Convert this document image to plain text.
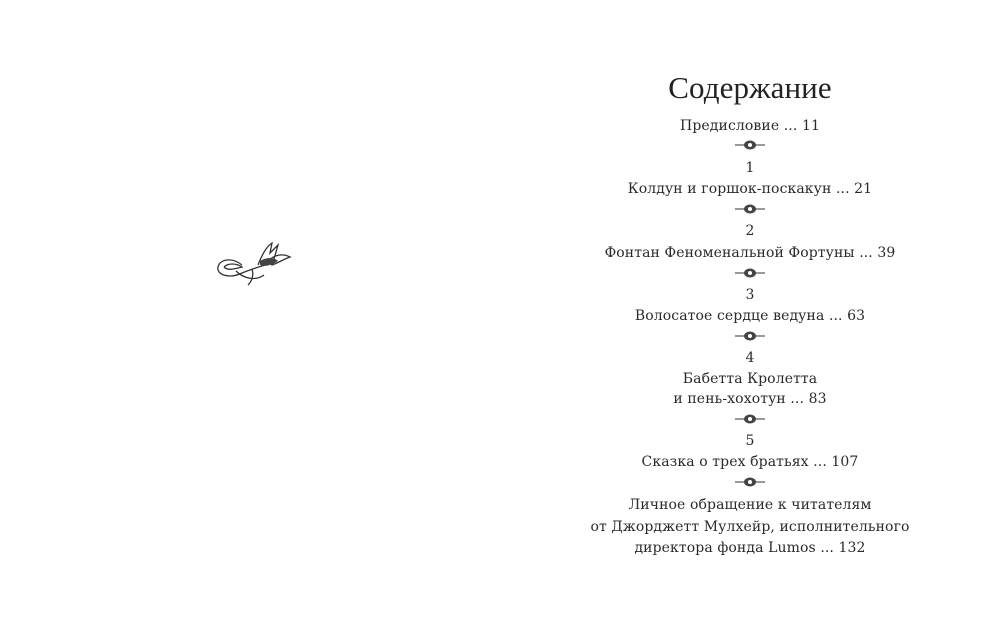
Содержание
Предисловие ... 11
1
Колдун и горшок-поскакун ... 21
2
Фонтан Феноменальной Фортуны ... 39
3
Волосатое сердце ведуна ... 63
4
Бабетта Кролетта
и пень-хохотун ... 83
5
Сказка о трех братьях ... 107
Личное обращение к читателям
от Джорджетт Мулхейр, исполнительного
директора фонда Lumos ... 132
